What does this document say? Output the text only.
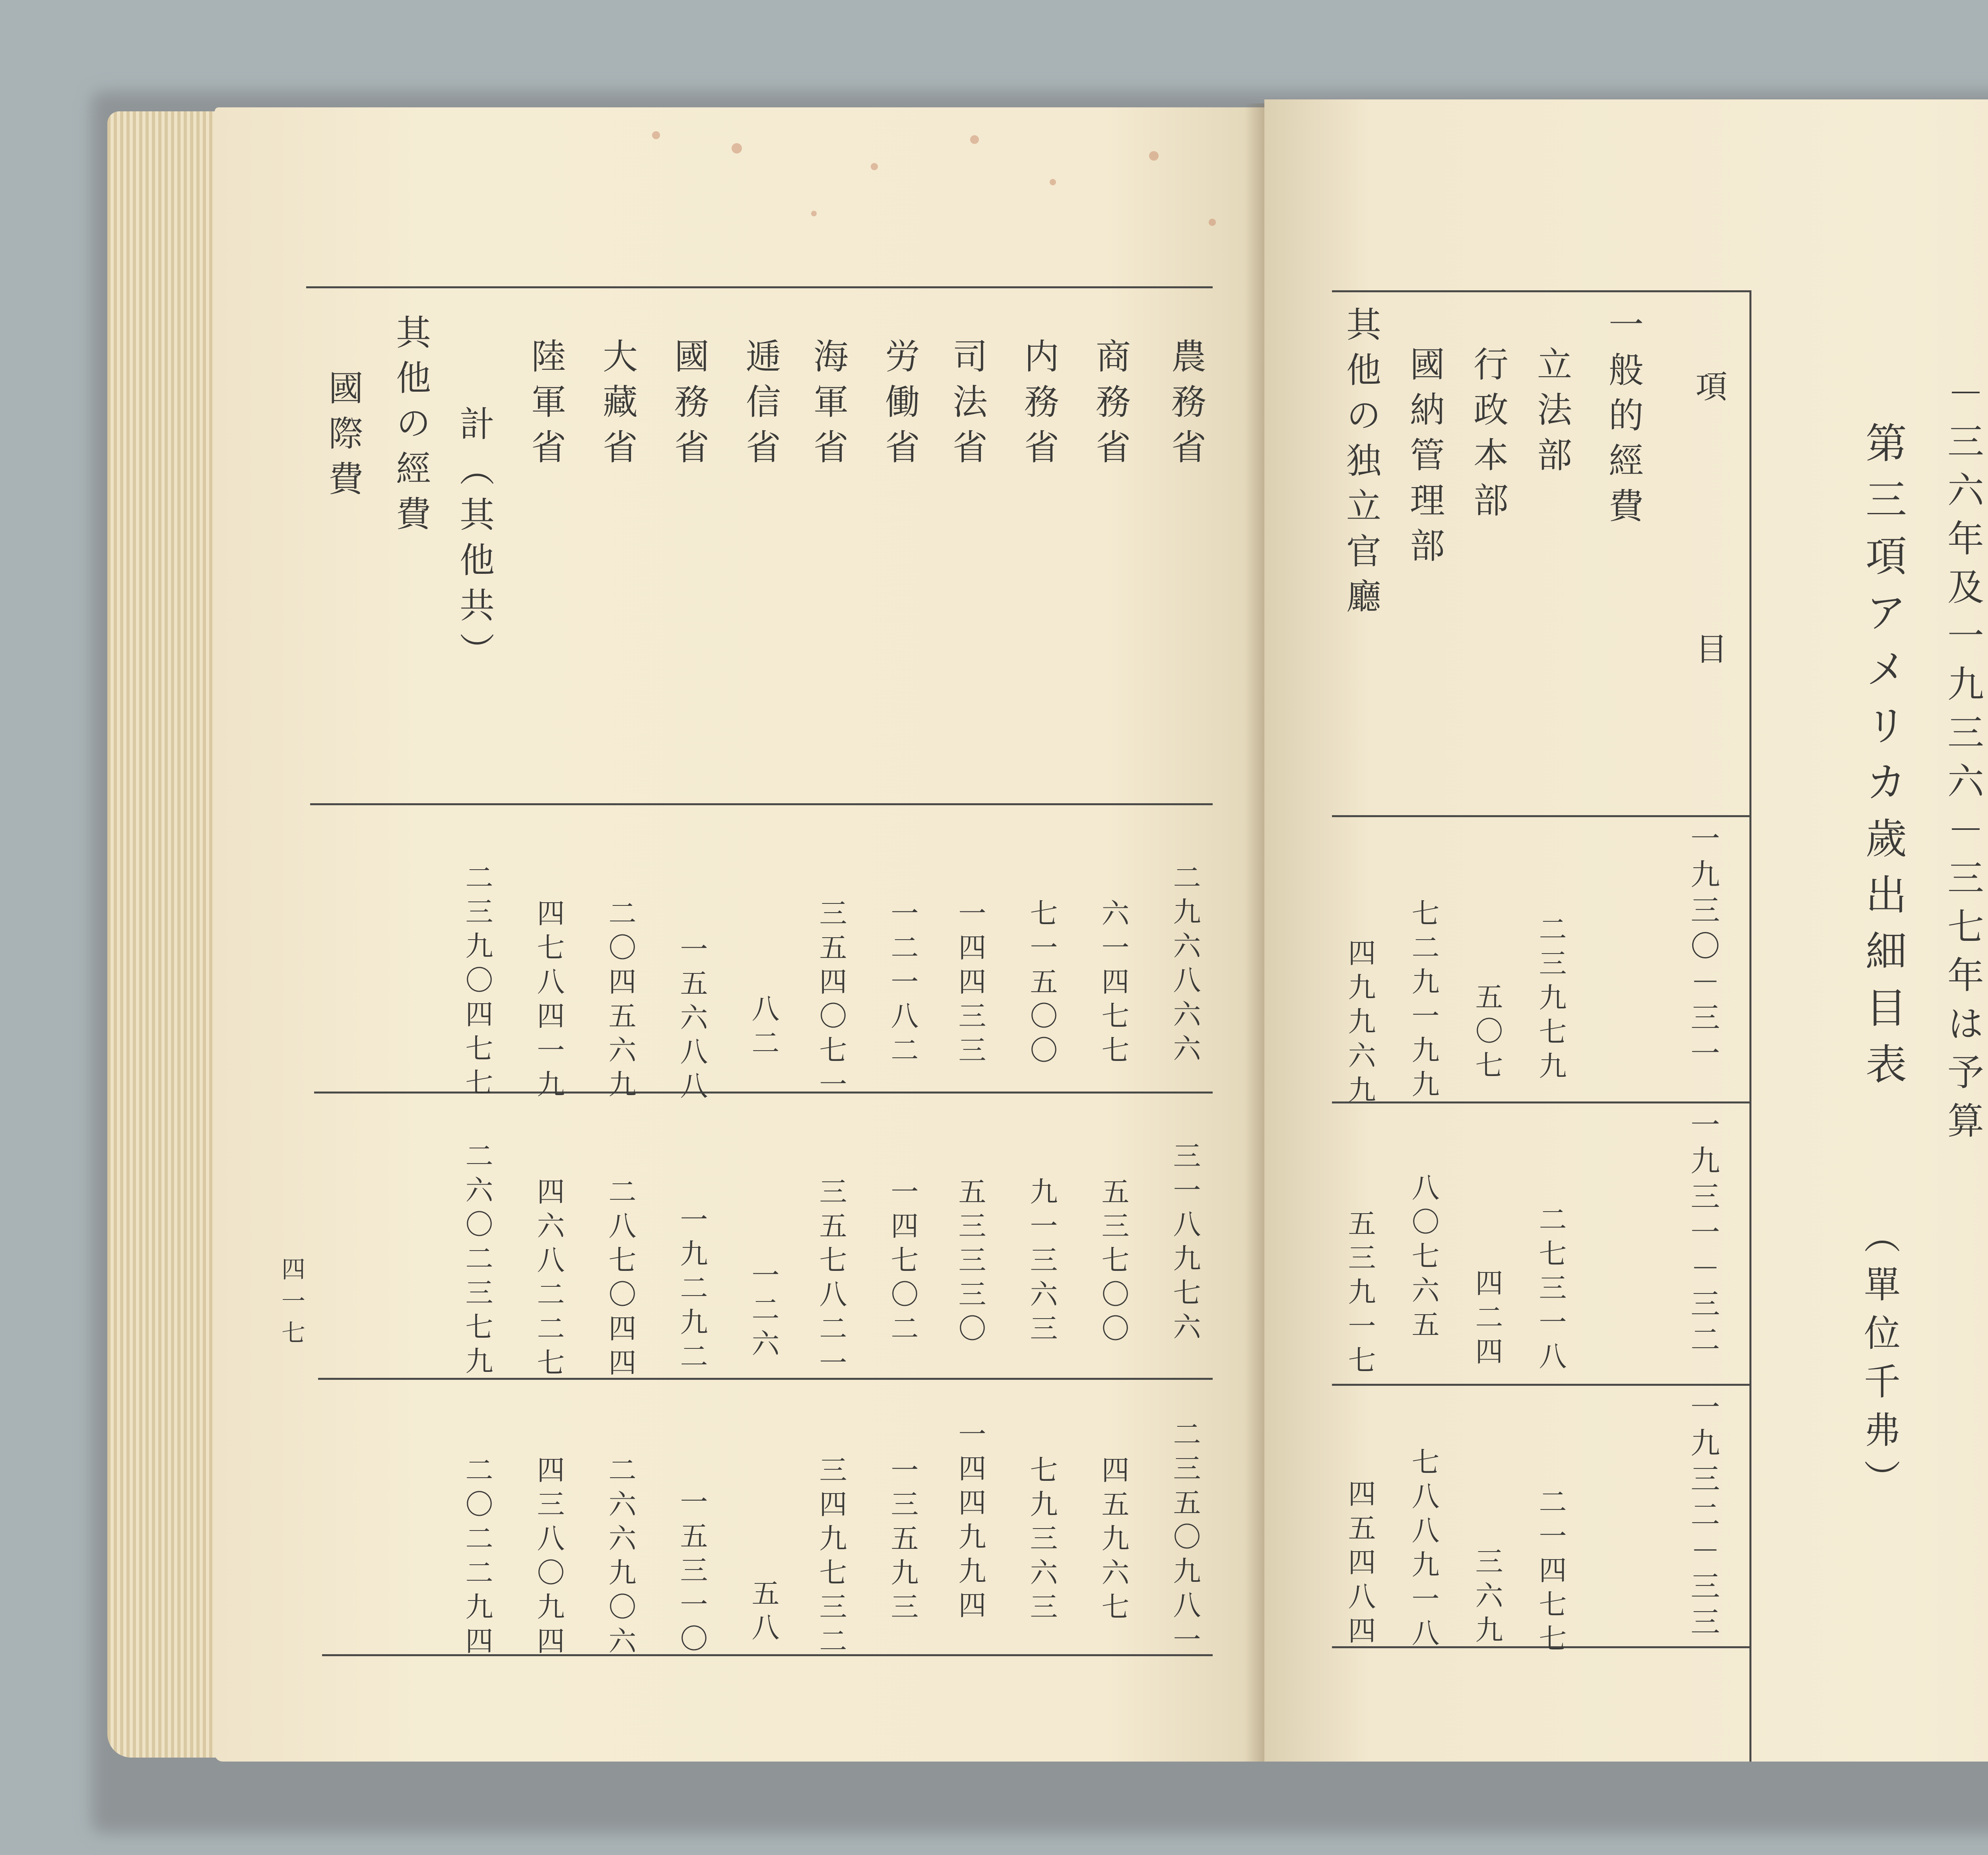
農務省
商務省
内務省
司法省
労働省
海軍省
逓信省
國務省
大藏省
陸軍省
計（其他共）
其他の經費
國際費
二九六八六六
六一四七七
七一五〇〇
一四四三三
一二一八二
三五四〇七一
八二
一五六八八
二〇四五六九
四七八四一九
二三九〇四七七
三一八九七六
五三七〇〇
九一三六三
五三三三〇
一四七〇二
三五七八二一
一二六
一九二九二
二八七〇四四
四六八二二七
二六〇二三七九
二三五〇九八一
四五九六七
七九三六三
一四四九九四
一三五九三
三四九七三二
五八
一五三一〇
二六六九〇六
四三八〇九四
二〇二二九四
四一七
－三六年及一九三六－三七年は予算
第三項アメリカ歲出細目表
（單位千弗）
項
目
一九三〇－三一
一九三一－三二
一九三二－三三
一般的經費
立法部
行政本部
國納管理部
其他の独立官廳
二三九七九
五〇七
七二九一九九
四九九六九
二七三一八
四二四
八〇七六五
五三九一七
二一四七七
三六九
七八八九一八
四五四八四
